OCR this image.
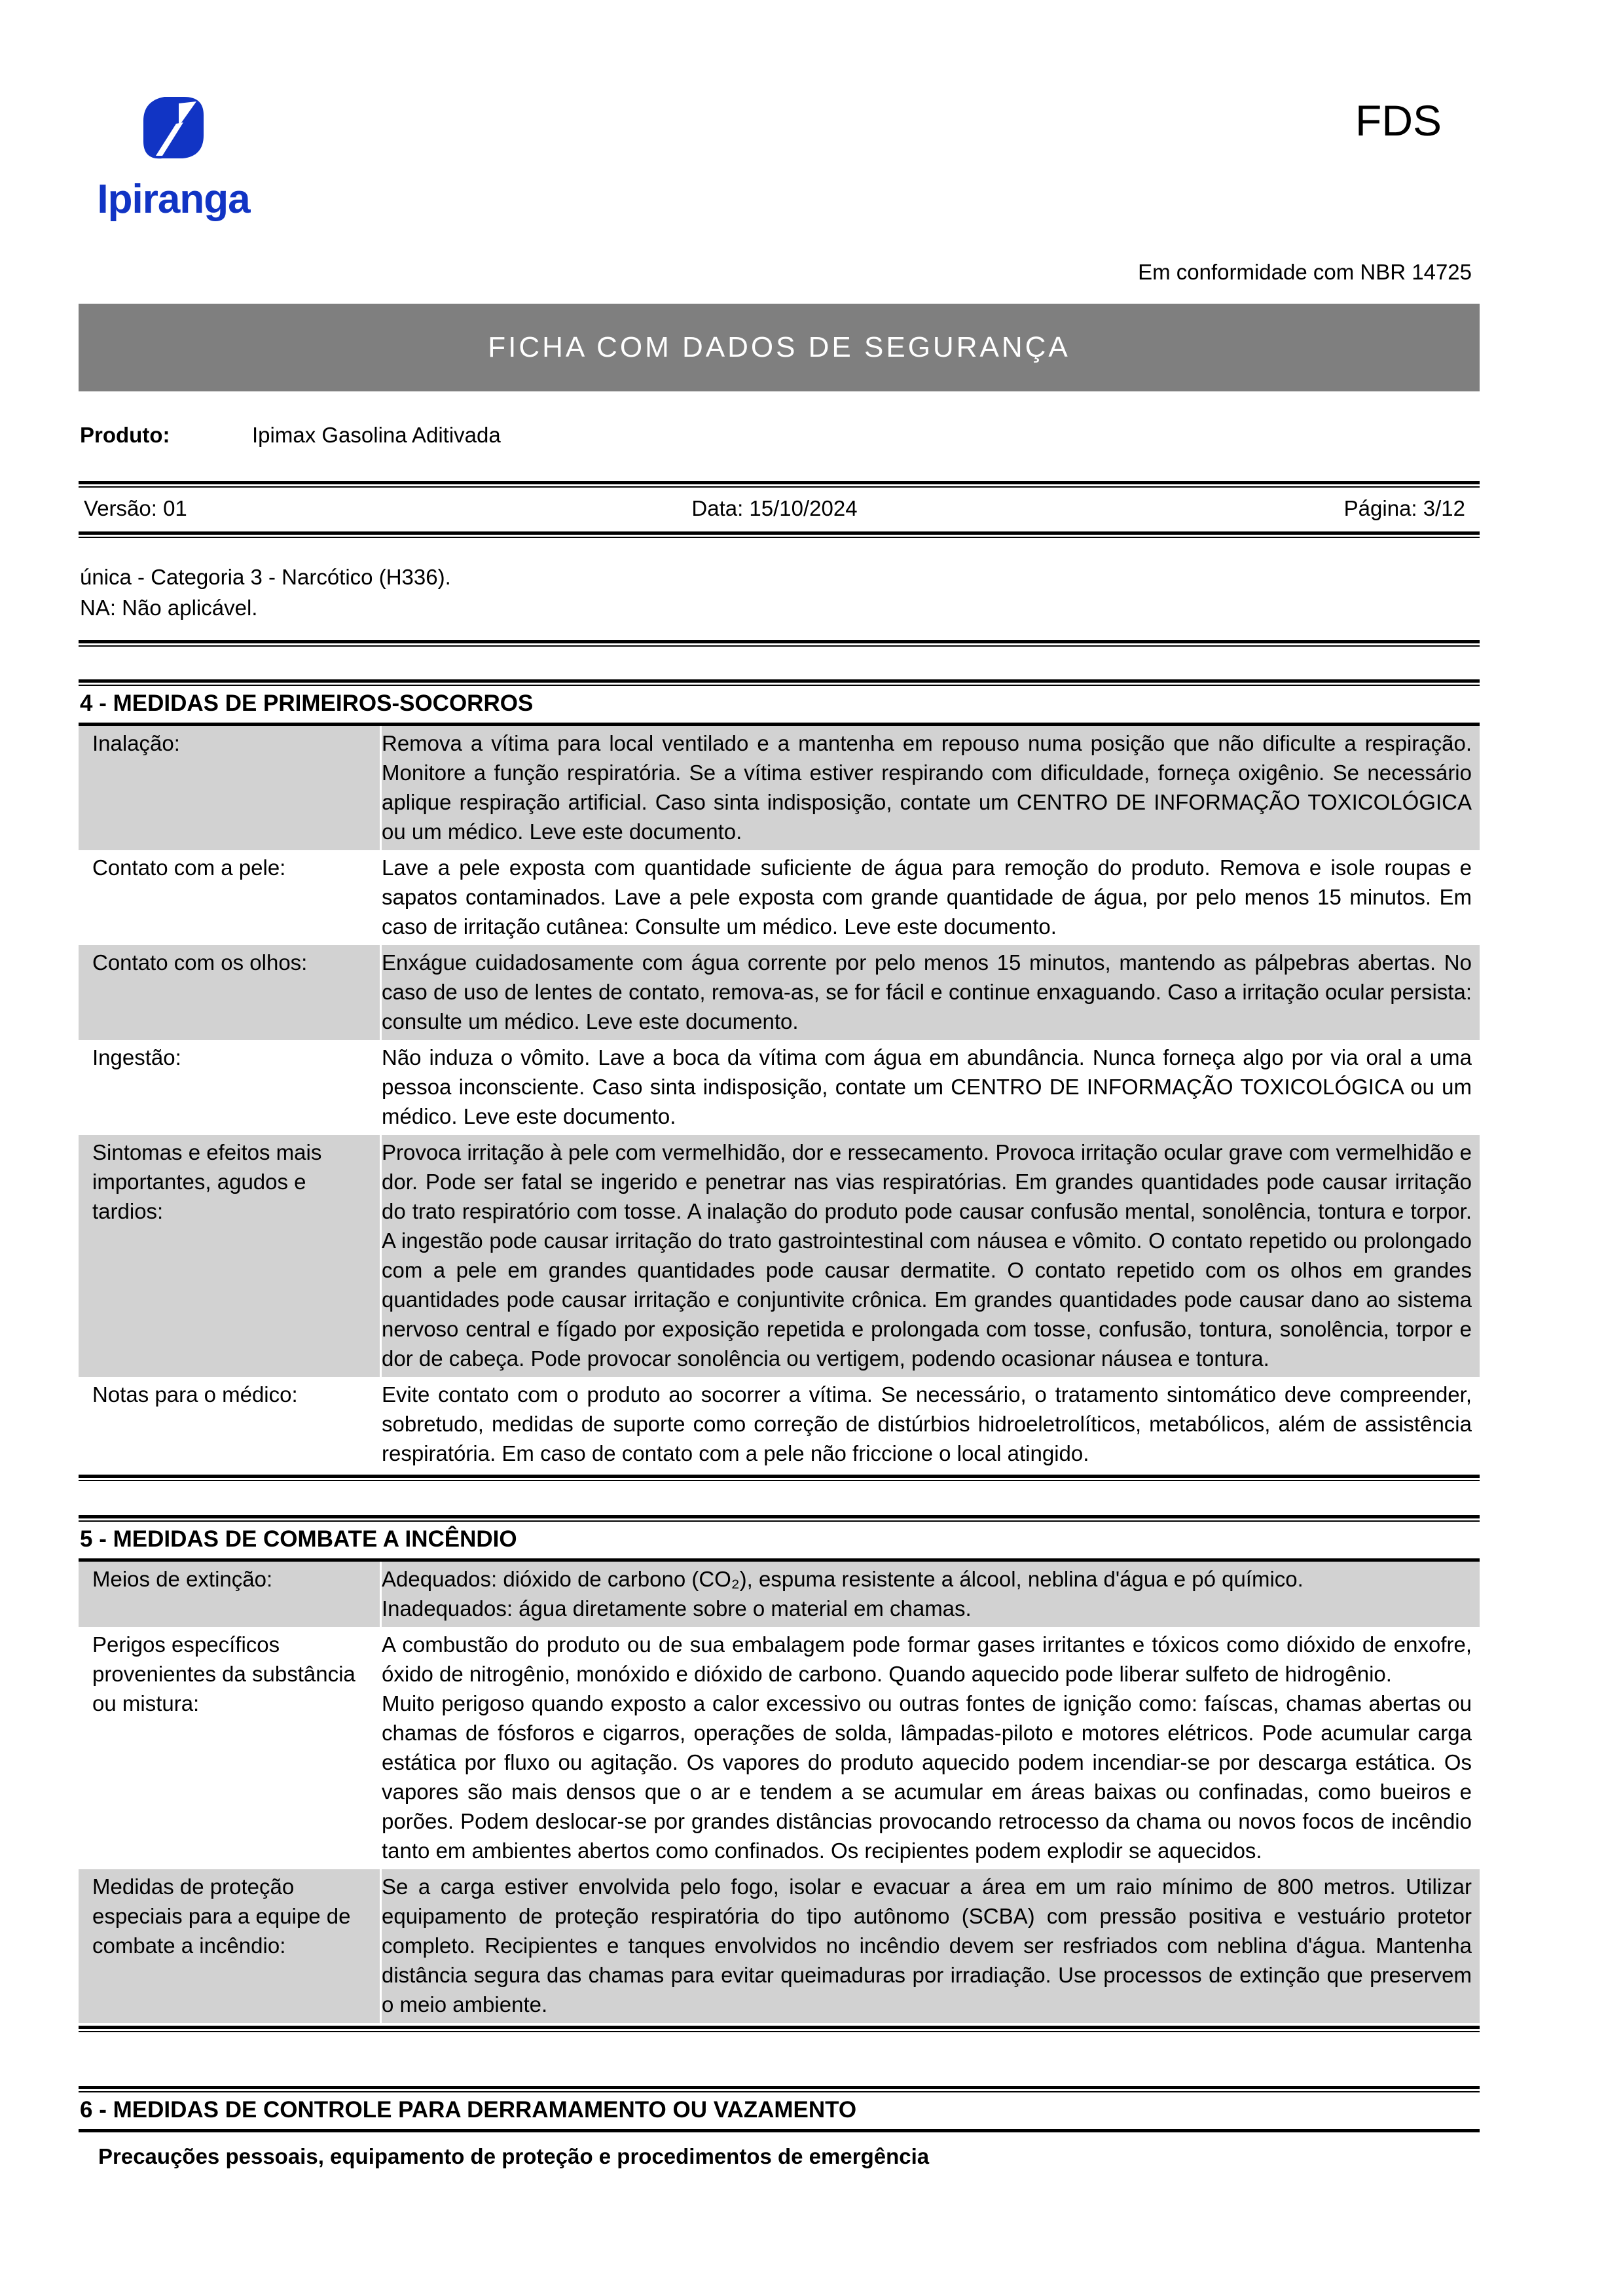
Ipiranga
FDS
Em conformidade com NBR 14725
FICHA COM DADOS DE SEGURANÇA
Produto:	Ipimax Gasolina Aditivada
Versão: 01	Data: 15/10/2024	Página: 3/12
única - Categoria 3 - Narcótico (H336).
NA: Não aplicável.
4 - MEDIDAS DE PRIMEIROS-SOCORROS
Inalação:	Remova a vítima para local ventilado e a mantenha em repouso numa posição que não dificulte a respiração. Monitore a função respiratória. Se a vítima estiver respirando com dificuldade, forneça oxigênio. Se necessário aplique respiração artificial. Caso sinta indisposição, contate um CENTRO DE INFORMAÇÃO TOXICOLÓGICA ou um médico. Leve este documento.
Contato com a pele:	Lave a pele exposta com quantidade suficiente de água para remoção do produto. Remova e isole roupas e sapatos contaminados. Lave a pele exposta com grande quantidade de água, por pelo menos 15 minutos. Em caso de irritação cutânea: Consulte um médico. Leve este documento.
Contato com os olhos:	Enxágue cuidadosamente com água corrente por pelo menos 15 minutos, mantendo as pálpebras abertas. No caso de uso de lentes de contato, remova-as, se for fácil e continue enxaguando. Caso a irritação ocular persista: consulte um médico. Leve este documento.
Ingestão:	Não induza o vômito. Lave a boca da vítima com água em abundância. Nunca forneça algo por via oral a uma pessoa inconsciente. Caso sinta indisposição, contate um CENTRO DE INFORMAÇÃO TOXICOLÓGICA ou um médico. Leve este documento.
Sintomas e efeitos mais importantes, agudos e tardios:
Provoca irritação à pele com vermelhidão, dor e ressecamento. Provoca irritação ocular grave com vermelhidão e dor. Pode ser fatal se ingerido e penetrar nas vias respiratórias. Em grandes quantidades pode causar irritação do trato respiratório com tosse. A inalação do produto pode causar confusão mental, sonolência, tontura e torpor. A ingestão pode causar irritação do trato gastrointestinal com náusea e vômito. O contato repetido ou prolongado com a pele em grandes quantidades pode causar dermatite. O contato repetido com os olhos em grandes quantidades pode causar irritação e conjuntivite crônica. Em grandes quantidades pode causar dano ao sistema nervoso central e fígado por exposição repetida e prolongada com tosse, confusão, tontura, sonolência, torpor e dor de cabeça. Pode provocar sonolência ou vertigem, podendo ocasionar náusea e tontura.
Notas para o médico:	Evite contato com o produto ao socorrer a vítima. Se necessário, o tratamento sintomático deve compreender, sobretudo, medidas de suporte como correção de distúrbios hidroeletrolíticos, metabólicos, além de assistência respiratória. Em caso de contato com a pele não friccione o local atingido.
5 - MEDIDAS DE COMBATE A INCÊNDIO
Meios de extinção:	Adequados: dióxido de carbono (CO₂), espuma resistente a álcool, neblina d'água e pó químico.

Inadequados: água diretamente sobre o material em chamas.

Perigos específicos provenientes da substância ou mistura:

A combustão do produto ou de sua embalagem pode formar gases irritantes e tóxicos como dióxido de enxofre, óxido de nitrogênio, monóxido e dióxido de carbono. Quando aquecido pode liberar sulfeto de hidrogênio.

Muito perigoso quando exposto a calor excessivo ou outras fontes de ignição como: faíscas, chamas abertas ou chamas de fósforos e cigarros, operações de solda, lâmpadas-piloto e motores elétricos. Pode acumular carga estática por fluxo ou agitação. Os vapores do produto aquecido podem incendiar-se por descarga estática. Os vapores são mais densos que o ar e tendem a se acumular em áreas baixas ou confinadas, como bueiros e porões. Podem deslocar-se por grandes distâncias provocando retrocesso da chama ou novos focos de incêndio tanto em ambientes abertos como confinados. Os recipientes podem explodir se aquecidos.

Medidas de proteção especiais para a equipe de combate a incêndio:
Se a carga estiver envolvida pelo fogo, isolar e evacuar a área em um raio mínimo de 800 metros. Utilizar equipamento de proteção respiratória do tipo autônomo (SCBA) com pressão positiva e vestuário protetor completo. Recipientes e tanques envolvidos no incêndio devem ser resfriados com neblina d'água. Mantenha distância segura das chamas para evitar queimaduras por irradiação. Use processos de extinção que preservem o meio ambiente.
6 - MEDIDAS DE CONTROLE PARA DERRAMAMENTO OU VAZAMENTO
Precauções pessoais, equipamento de proteção e procedimentos de emergência
